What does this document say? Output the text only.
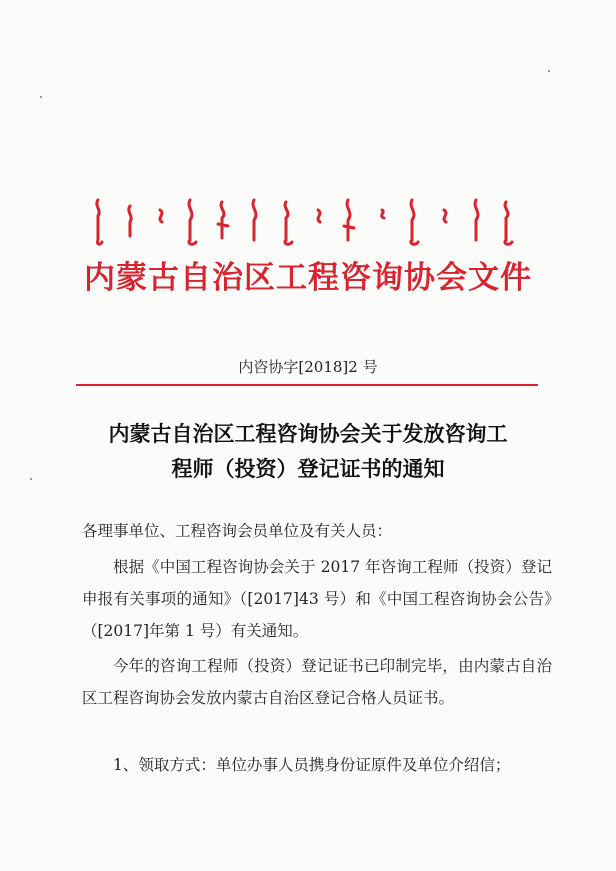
内蒙古自治区工程咨询协会文件
内咨协字[2018]2 号
内蒙古自治区工程咨询协会关于发放咨询工
程师（投资）登记证书的通知
各理事单位、工程咨询会员单位及有关人员：
根据《中国工程咨询协会关于 2017 年咨询工程师（投资）登记申报有关事项的通知》（[2017]43 号）和《中国工程咨询协会公告》（[2017]年第 1 号）有关通知。
今年的咨询工程师（投资）登记证书已印制完毕，由内蒙古自治区工程咨询协会发放内蒙古自治区登记合格人员证书。
1、领取方式：单位办事人员携身份证原件及单位介绍信；
